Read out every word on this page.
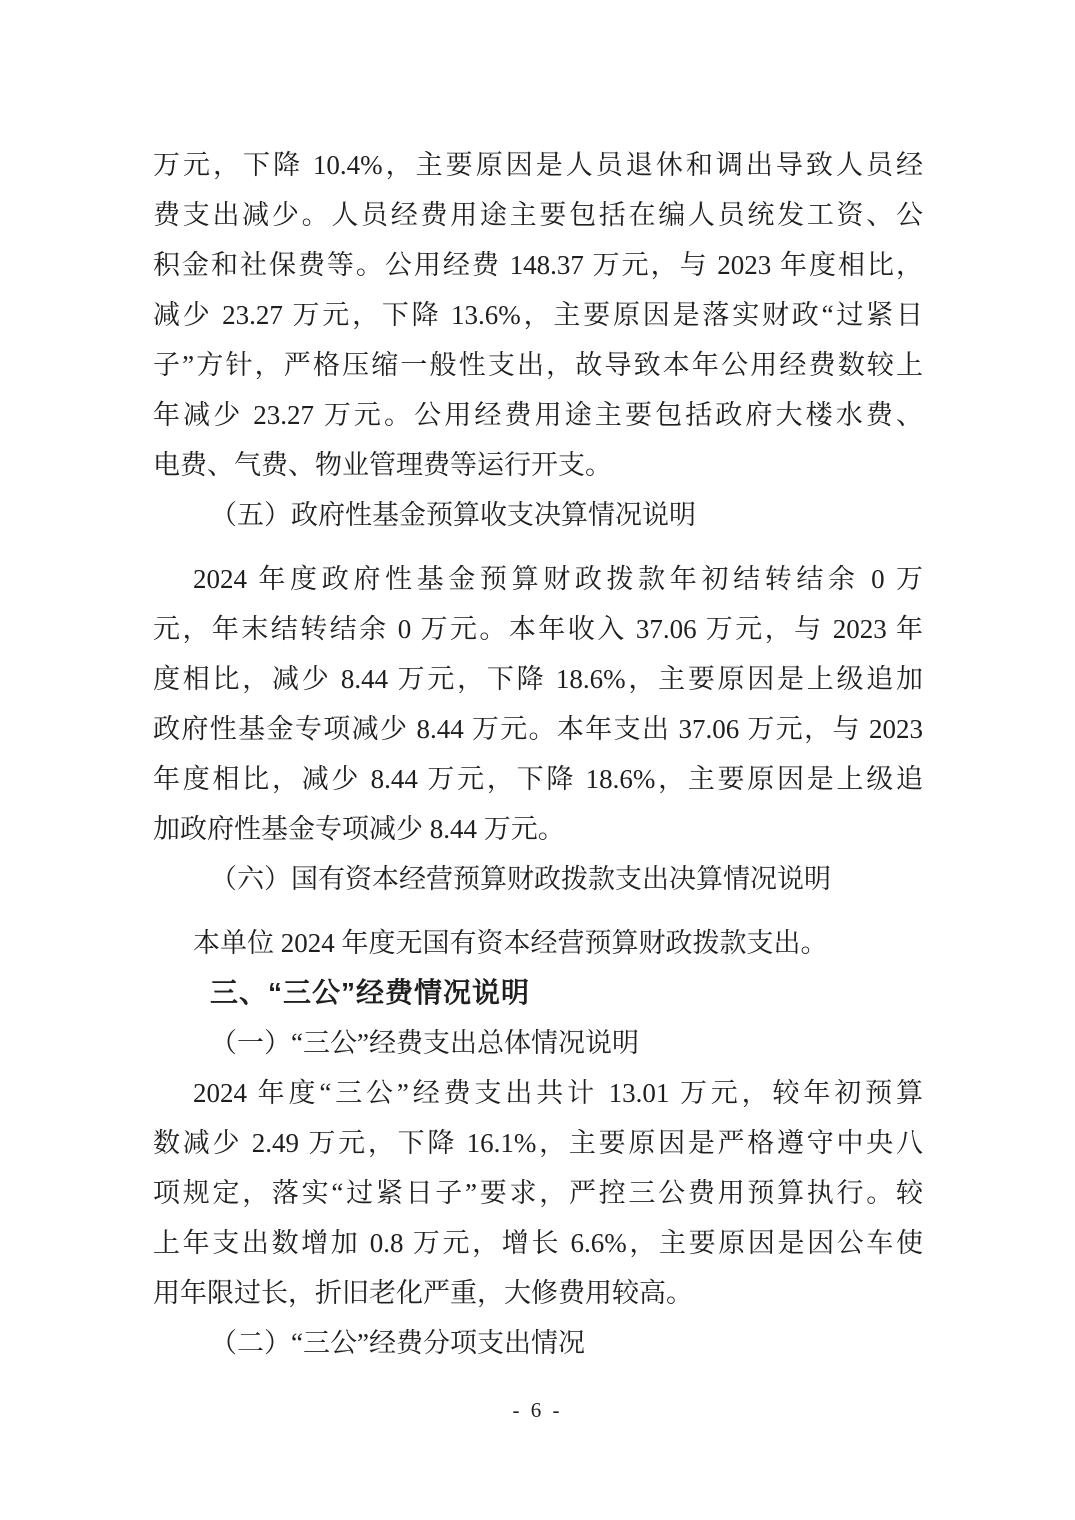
万元，下降 10.4%，主要原因是人员退休和调出导致人员经
费支出减少。人员经费用途主要包括在编人员统发工资、公
积金和社保费等。公用经费 148.37 万元，与 2023 年度相比，
减少 23.27 万元，下降 13.6%，主要原因是落实财政“过紧日
子”方针，严格压缩一般性支出，故导致本年公用经费数较上
年减少 23.27 万元。公用经费用途主要包括政府大楼水费、
电费、气费、物业管理费等运行开支。
（五）政府性基金预算收支决算情况说明
2024 年度政府性基金预算财政拨款年初结转结余 0 万
元，年末结转结余 0 万元。本年收入 37.06 万元，与 2023 年
度相比，减少 8.44 万元，下降 18.6%，主要原因是上级追加
政府性基金专项减少 8.44 万元。本年支出 37.06 万元，与 2023
年度相比，减少 8.44 万元，下降 18.6%，主要原因是上级追
加政府性基金专项减少 8.44 万元。
（六）国有资本经营预算财政拨款支出决算情况说明
本单位 2024 年度无国有资本经营预算财政拨款支出。
三、“三公”经费情况说明
（一）“三公”经费支出总体情况说明
2024 年度“三公”经费支出共计 13.01 万元，较年初预算
数减少 2.49 万元，下降 16.1%，主要原因是严格遵守中央八
项规定，落实“过紧日子”要求，严控三公费用预算执行。较
上年支出数增加 0.8 万元，增长 6.6%，主要原因是因公车使
用年限过长，折旧老化严重，大修费用较高。
（二）“三公”经费分项支出情况
- 6 -
